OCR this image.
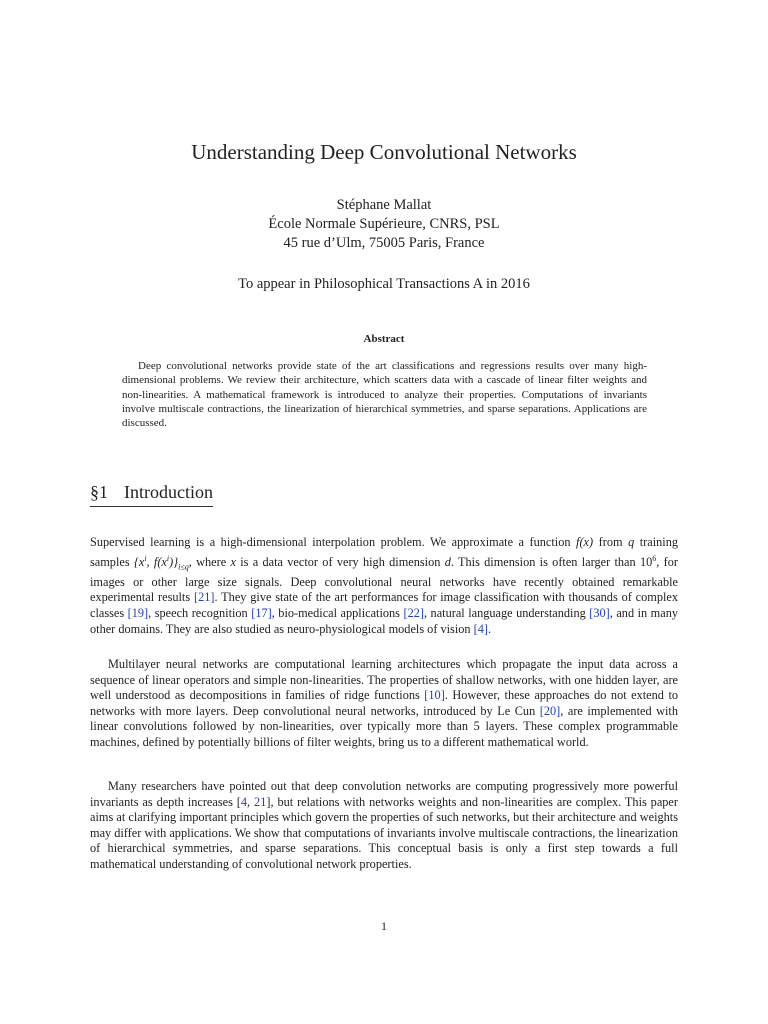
Understanding Deep Convolutional Networks
Stéphane Mallat
École Normale Supérieure, CNRS, PSL
45 rue d’Ulm, 75005 Paris, France
To appear in Philosophical Transactions A in 2016
Abstract
Deep convolutional networks provide state of the art classifications and regressions results over many high-dimensional problems. We review their architecture, which scatters data with a cascade of linear filter weights and non-linearities. A mathematical framework is introduced to analyze their properties. Computations of invariants involve multiscale contractions, the linearization of hierarchical symmetries, and sparse separations. Applications are discussed.
§1 Introduction

Supervised learning is a high-dimensional interpolation problem. We approximate a function f(x) from q training samples {$x^i$, $f(x^i)\}_{i\le q}$, where x is a data vector of very high dimension d. This dimension is often larger than $10^6$, for images or other large size signals. Deep convolutional neural networks have recently obtained remarkable experimental results [21]. They give state of the art performances for image classification with thousands of complex classes [19], speech recognition [17], bio-medical applications [22], natural language understanding [30], and in many other domains. They are also studied as neuro-physiological models of vision [4].

Multilayer neural networks are computational learning architectures which propagate the input data across a sequence of linear operators and simple non-linearities. The properties of shallow networks, with one hidden layer, are well understood as decompositions in families of ridge functions [10]. However, these approaches do not extend to networks with more layers. Deep convolutional neural networks, introduced by Le Cun [20], are implemented with linear convolutions followed by non-linearities, over typically more than 5 layers. These complex programmable machines, defined by potentially billions of filter weights, bring us to a different mathematical world.

Many researchers have pointed out that deep convolution networks are computing progressively more powerful invariants as depth increases [4, 21], but relations with networks weights and non-linearities are complex. This paper aims at clarifying important principles which govern the properties of such networks, but their architecture and weights may differ with applications. We show that computations of invariants involve multiscale contractions, the linearization of hierarchical symmetries, and sparse separations. This conceptual basis is only a first step towards a full mathematical understanding of convolutional network properties.

1
